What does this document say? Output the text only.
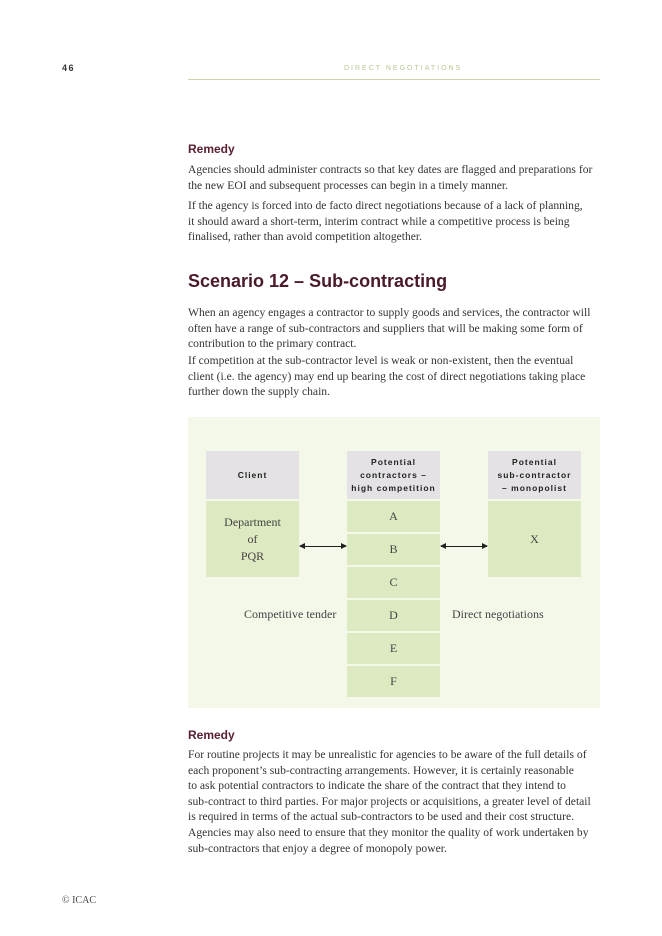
46	DIRECT NEGOTIATIONS
Remedy
Agencies should administer contracts so that key dates are flagged and preparations for
the new EOI and subsequent processes can begin in a timely manner.
If the agency is forced into de facto direct negotiations because of a lack of planning,
it should award a short-term, interim contract while a competitive process is being
finalised, rather than avoid competition altogether.
Scenario 12 – Sub-contracting
When an agency engages a contractor to supply goods and services, the contractor will
often have a range of sub-contractors and suppliers that will be making some form of
contribution to the primary contract.
If competition at the sub-contractor level is weak or non-existent, then the eventual
client (i.e. the agency) may end up bearing the cost of direct negotiations taking place
further down the supply chain.
Client
Potential
contractors –
high competition
Potential
sub-contractor
– monopolist
Department
of
PQR
A
B
C
D
E
F
X
Competitive tender	Direct negotiations
Remedy
For routine projects it may be unrealistic for agencies to be aware of the full details of
each proponent’s sub-contracting arrangements. However, it is certainly reasonable
to ask potential contractors to indicate the share of the contract that they intend to
sub-contract to third parties. For major projects or acquisitions, a greater level of detail
is required in terms of the actual sub-contractors to be used and their cost structure.
Agencies may also need to ensure that they monitor the quality of work undertaken by
sub-contractors that enjoy a degree of monopoly power.
© ICAC
